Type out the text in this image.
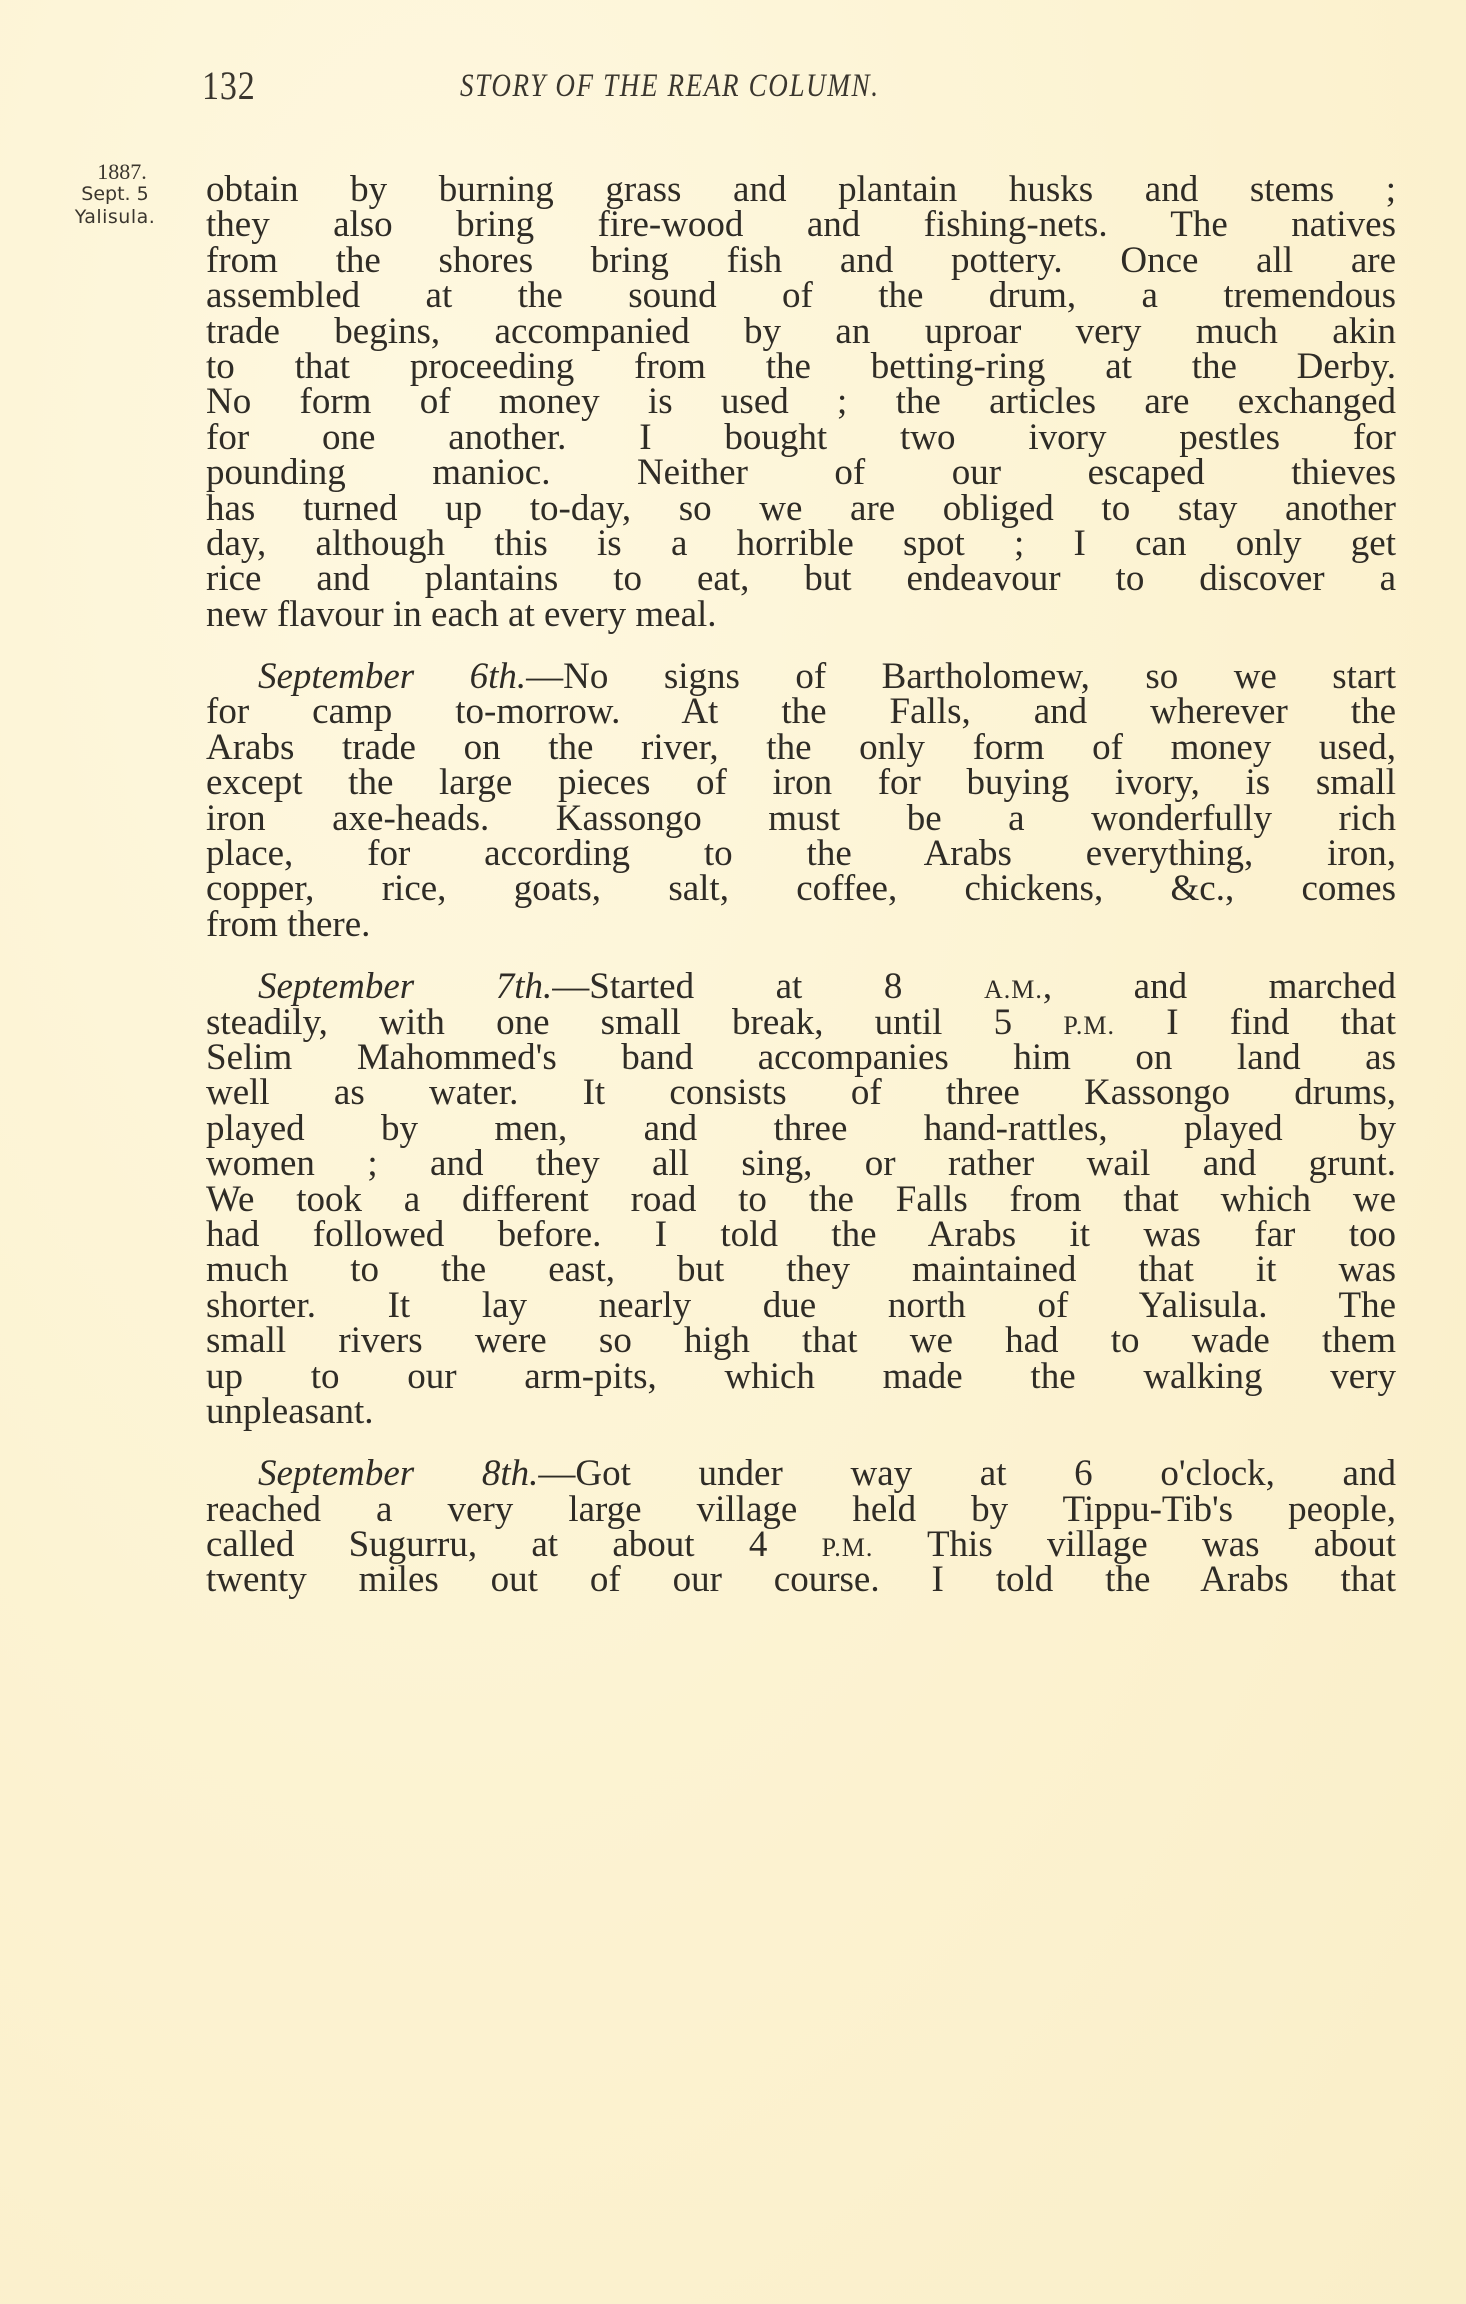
132	STORY OF THE REAR COLUMN.
1887.
Sept. 5
Yalisula.
obtain by burning grass and plantain husks and stems ;
they also bring fire-wood and fishing-nets. The natives
from the shores bring fish and pottery. Once all are
assembled at the sound of the drum, a tremendous
trade begins, accompanied by an uproar very much akin
to that proceeding from the betting-ring at the Derby.
No form of money is used ; the articles are exchanged
for one another. I bought two ivory pestles for
pounding manioc. Neither of our escaped thieves
has turned up to-day, so we are obliged to stay another
day, although this is a horrible spot ; I can only get
rice and plantains to eat, but endeavour to discover a
new flavour in each at every meal.
September 6th.—No signs of Bartholomew, so we start
for camp to-morrow. At the Falls, and wherever the
Arabs trade on the river, the only form of money used,
except the large pieces of iron for buying ivory, is small
iron axe-heads. Kassongo must be a wonderfully rich
place, for according to the Arabs everything, iron,
copper, rice, goats, salt, coffee, chickens, &c., comes
from there.
September 7th.—Started at 8 A.M., and marched
steadily, with one small break, until 5 P.M. I find that
Selim Mahommed's band accompanies him on land as
well as water. It consists of three Kassongo drums,
played by men, and three hand-rattles, played by
women ; and they all sing, or rather wail and grunt.
We took a different road to the Falls from that which we
had followed before. I told the Arabs it was far too
much to the east, but they maintained that it was
shorter. It lay nearly due north of Yalisula. The
small rivers were so high that we had to wade them
up to our arm-pits, which made the walking very
unpleasant.
September 8th.—Got under way at 6 o'clock, and
reached a very large village held by Tippu-Tib's people,
called Sugurru, at about 4 P.M. This village was about
twenty miles out of our course. I told the Arabs that
